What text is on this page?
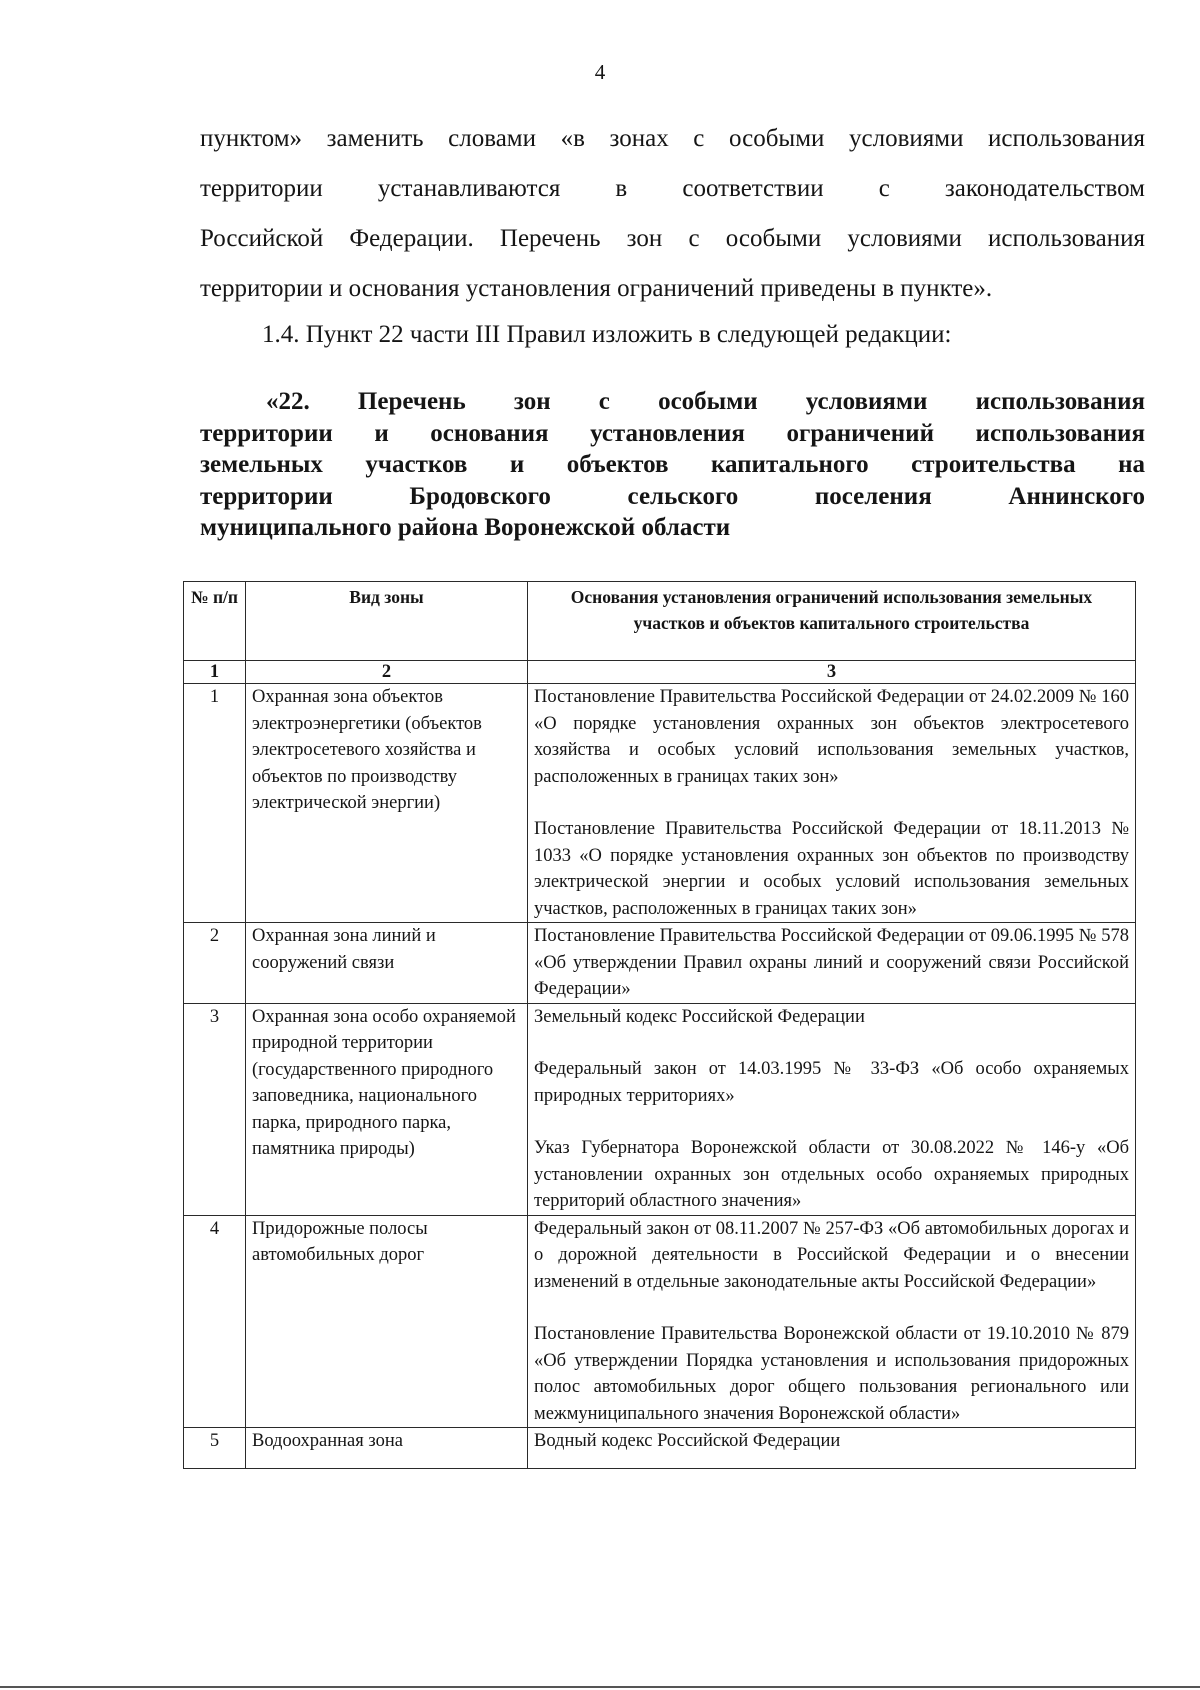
4
пунктом» заменить словами «в зонах с особыми условиями использования
территории устанавливаются в соответствии с законодательством
Российской Федерации. Перечень зон с особыми условиями использования
территории и основания установления ограничений приведены в пункте».
1.4. Пункт 22 части III Правил изложить в следующей редакции:
«22. Перечень зон с особыми условиями использования
территории и основания установления ограничений использования
земельных участков и объектов капитального строительства на
территории Бродовского сельского поселения Аннинского
муниципального района Воронежской области
№ п/п	Вид зоны	Основания установления ограничений использования земельных участков и объектов капитального строительства
1	2	3
1	Охранная зона объектов электроэнергетики (объектов электросетевого хозяйства и объектов по производству электрической энергии)	Постановление Правительства Российской Федерации от 24.02.2009 № 160 «О порядке установления охранных зон объектов электросетевого хозяйства и особых условий использования земельных участков, расположенных в границах таких зон»
Постановление Правительства Российской Федерации от 18.11.2013 № 1033 «О порядке установления охранных зон объектов по производству электрической энергии и особых условий использования земельных участков, расположенных в границах таких зон»

2	Охранная зона линий и сооружений связи	Постановление Правительства Российской Федерации от 09.06.1995 № 578 «Об утверждении Правил охраны линий и сооружений связи Российской Федерации»

3	Охранная зона особо охраняемой природной территории (государственного природного заповедника, национального парка, природного парка, памятника природы)	Земельный кодекс Российской Федерации
Федеральный закон от 14.03.1995 № 33-ФЗ «Об особо охраняемых природных территориях»
Указ Губернатора Воронежской области от 30.08.2022 № 146-у «Об установлении охранных зон отдельных особо охраняемых природных территорий областного значения»

4	Придорожные полосы автомобильных дорог	Федеральный закон от 08.11.2007 № 257-ФЗ «Об автомобильных дорогах и о дорожной деятельности в Российской Федерации и о внесении изменений в отдельные законодательные акты Российской Федерации»
Постановление Правительства Воронежской области от 19.10.2010 № 879 «Об утверждении Порядка установления и использования придорожных полос автомобильных дорог общего пользования регионального или межмуниципального значения Воронежской области»

5	Водоохранная зона	Водный кодекс Российской Федерации
